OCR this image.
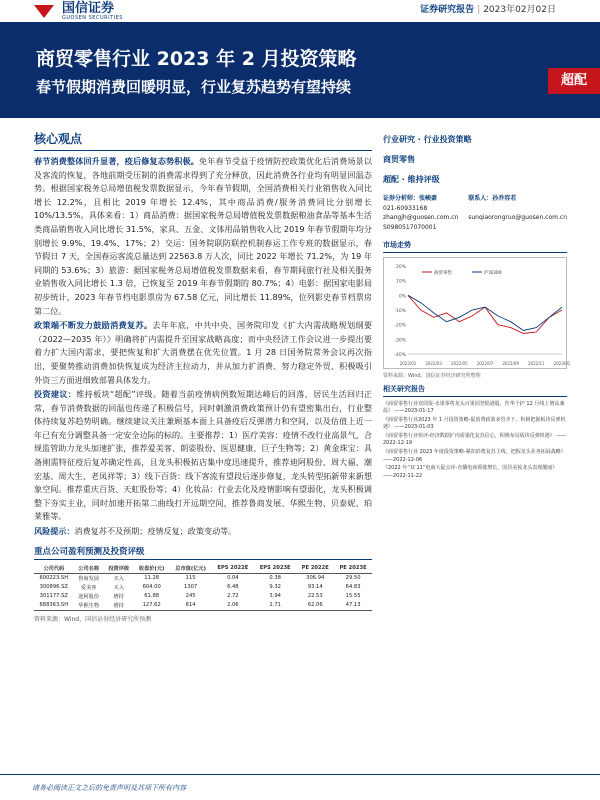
国信证券
GUOSEN SECURITIES
证券研究报告 | 2023年02月02日
商贸零售行业 2023 年 2 月投资策略
春节假期消费回暖明显，行业复苏趋势有望持续	超配
核心观点
春节消费整体回升显著，疫后修复态势积极。免年春节受益于疫情防控政策优化后消费场景以及客流的恢复，各地前期受压制的消费需求得到了充分释放，因此消费各行业均有明显回温态势。根据国家税务总局增值税发票数据显示，今年春节假期，全国消费相关行业销售收入同比增长 12.2%，且相比 2019 年增长 12.4%，其中商品消费/服务消费同比分别增长 10%/13.5%。具体来看：1）商品消费：据国家税务总局增值税发票数据粮油食品等基本生活类商品销售收入同比增长 31.5%，家具、五金、文体用品销售收入比 2019 年春节假期年均分别增长 9.9%、19.4%、17%；2）交运：国务院联防联控机制春运工作专班的数据显示，春节假日 7 天，全国春运客流总量达到 22563.8 万人次，同比 2022 年增长 71.2%，为 19 年同期的 53.6%；3）旅游：据国家税务总局增值税发票数据来看，春节期间旅行社及相关服务业销售收入同比增长 1.3 倍，已恢复至 2019 年春节假期的 80.7%；4）电影：据国家电影局初步统计，2023 年春节档电影票房为 67.58 亿元，同比增长 11.89%，位列影史春节档票房第二位。
政策端不断发力鼓励消费复苏。去年年底，中共中央、国务院印发《扩大内需战略规划纲要（2022—2035 年）》明确将扩内需提升至国家战略高度；而中央经济工作会议进一步提出要着力扩大国内需求，要把恢复和扩大消费摆在优先位置。1 月 28 日国务院常务会议再次指出，要聚势推动消费加快恢复成为经济主拉动力，并从加力扩消费、努力稳定外贸、积极吸引外资三方面进细致部署具体发力。
投资建议：维持板块“超配”评级。随着当前疫情病例数短期达峰后的回落，居民生活回归正常，春节消费数据的回温也传递了积极信号，同时刺激消费政策预计仍有望密集出台，行业整体持续复苏趋势明确。继续建议关注兼顾基本面上具备疫后反弹潜力和空间，以及估值上近一年已有充分调整具备一定安全边际的标的。主要推荐：1）医疗美容：疫情不改行业高景气，合规监管助力龙头加速扩张，推荐爱美客、朗姿股份、医思健康、巨子生物等；2）黄金珠宝：具备刚需特征疫后复苏确定性高，且龙头积极拓店集中度迅速提升，推荐迪阿股份、周大福、潮宏基、周大生、老凤祥等；3）线下百货：线下客流有望段后逐步修复，龙头转型拓新带来新想象空间。推荐重庆百货、天虹股份等；4）化妆品：行业去化及疫情影响有望弱化，龙头积极调整下夯实主业，同时加速开拓第二曲线打开远期空间，推荐鲁商发展、华熙生物、贝泰妮、珀莱雅等。
风险提示：消费复苏不及预期；疫情反复；政策变动等。
重点公司盈利预测及投资评级
公司代码	公司名称	投资评级	收盘价(元)	总市值(亿元)	EPS 2022E	EPS 2023E	PE 2022E	PE 2023E
600223.SH	鲁商发展	买入	11.28	115	0.04	0.38	306.94	29.50
300896.SZ	爱美客	买入	604.00	1307	6.48	9.32	93.14	64.83
301177.SZ	迪阿股份	增持	61.88	245	2.72	3.94	22.53	15.55
688363.SH	华熙生物	增持	127.62	614	2.06	2.71	62.06	47.13
资料来源：Wind、国信证券经济研究所预测
行业研究 · 行业投资策略
商贸零售
超配 · 维持评级
证券分析师：张峻豪
021-60933168
zhangjh@guosen.com.cn
S0980517070001
联系人：孙乔容若

sunqiaorongruo@guosen.com.cn
市场走势
20%
10%
0%
-10%
-20%
-30%
-40%
2022/01 2022/03 2022/05 2022/07 2022/09 2022/11 2023/01
商贸零售	沪深300
资料来源：Wind、国信证券经济研究所整理
相关研究报告
《商贸零售行业双周报-水果零售龙头百果园登陆港股，医华个护 12 月线上增高兼温》 ——2023-01-17
《商贸零售行业2023 年 1 月投资策略-促消费政策多管齐下，积极把握板块反弹机遇》 ——2023-01-03
《商贸零售行业快评-经济数据扩内需强化复苏信心，积极布局板块反弹机遇》 ——2022-12-19
《商贸零售行业 2023 年度投资策略-紧扣消费复苏主线，把握龙头业务拓展战略》 ——2022-12-06
《2022 年“双 11”电商大促点评-直播电商领涨增长，国货美妆龙头表现靓丽》 ——2022-11-22
请务必阅读正文之后的免责声明及其项下所有内容
